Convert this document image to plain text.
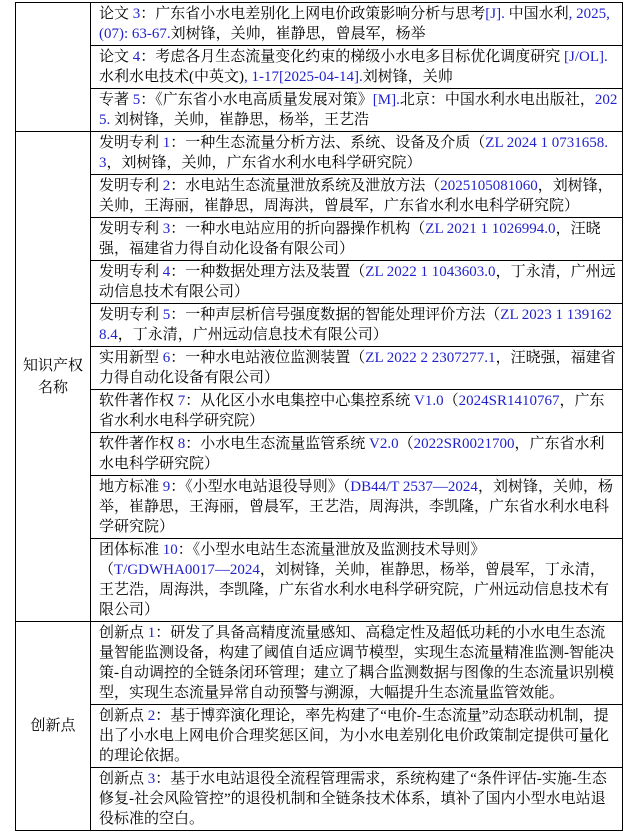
	论文 3：广东省小水电差别化上网电价政策影响分析与思考[J]. 中国水利, 2025, (07): 63-67.刘树锋，关帅，崔静思，曾晨军，杨举
	论文 4：考虑各月生态流量变化约束的梯级小水电多目标优化调度研究 [J/OL]. 水利水电技术(中英文), 1-17[2025-04-14].刘树锋，关帅
	专著 5：《广东省小水电高质量发展对策》[M].北京：中国水利水电出版社，2025. 刘树锋，关帅，崔静思，杨举，王艺浩
知识产权名称	发明专利 1：一种生态流量分析方法、系统、设备及介质（ZL 2024 1 0731658.3，刘树锋，关帅，广东省水利水电科学研究院）
	发明专利 2：水电站生态流量泄放系统及泄放方法（2025105081060，刘树锋，关帅，王海丽，崔静思，周海洪，曾晨军，广东省水利水电科学研究院）
	发明专利 3：一种水电站应用的折向器操作机构（ZL 2021 1 1026994.0，汪晓强，福建省力得自动化设备有限公司）
	发明专利 4：一种数据处理方法及装置（ZL 2022 1 1043603.0，丁永清，广州远动信息技术有限公司）
	发明专利 5：一种声层析信号强度数据的智能处理评价方法（ZL 2023 1 1391628.4，丁永清，广州远动信息技术有限公司）
	实用新型 6：一种水电站液位监测装置（ZL 2022 2 2307277.1，汪晓强，福建省力得自动化设备有限公司）
	软件著作权 7：从化区小水电集控中心集控系统 V1.0（2024SR1410767，广东省水利水电科学研究院）
	软件著作权 8：小水电生态流量监管系统 V2.0（2022SR0021700，广东省水利水电科学研究院）
	地方标准 9：《小型水电站退役导则》（DB44/T 2537—2024，刘树锋，关帅，杨举，崔静思，王海丽，曾晨军，王艺浩，周海洪，李凯隆，广东省水利水电科学研究院）
	团体标准 10：《小型水电站生态流量泄放及监测技术导则》
（T/GDWHA0017—2024，刘树锋，关帅，崔静思，杨举，曾晨军，丁永清，王艺浩，周海洪，李凯隆，广东省水利水电科学研究院，广州远动信息技术有限公司）
创新点	创新点 1：研发了具备高精度流量感知、高稳定性及超低功耗的小水电生态流量智能监测设备，构建了阈值自适应调节模型，实现生态流量精准监测-智能决策-自动调控的全链条闭环管理；建立了耦合监测数据与图像的生态流量识别模型，实现生态流量异常自动预警与溯源，大幅提升生态流量监管效能。
	创新点 2：基于博弈演化理论，率先构建了“电价-生态流量”动态联动机制，提出了小水电上网电价合理奖惩区间，为小水电差别化电价政策制定提供可量化的理论依据。
	创新点 3：基于水电站退役全流程管理需求，系统构建了“条件评估-实施-生态修复-社会风险管控”的退役机制和全链条技术体系，填补了国内小型水电站退役标准的空白。
